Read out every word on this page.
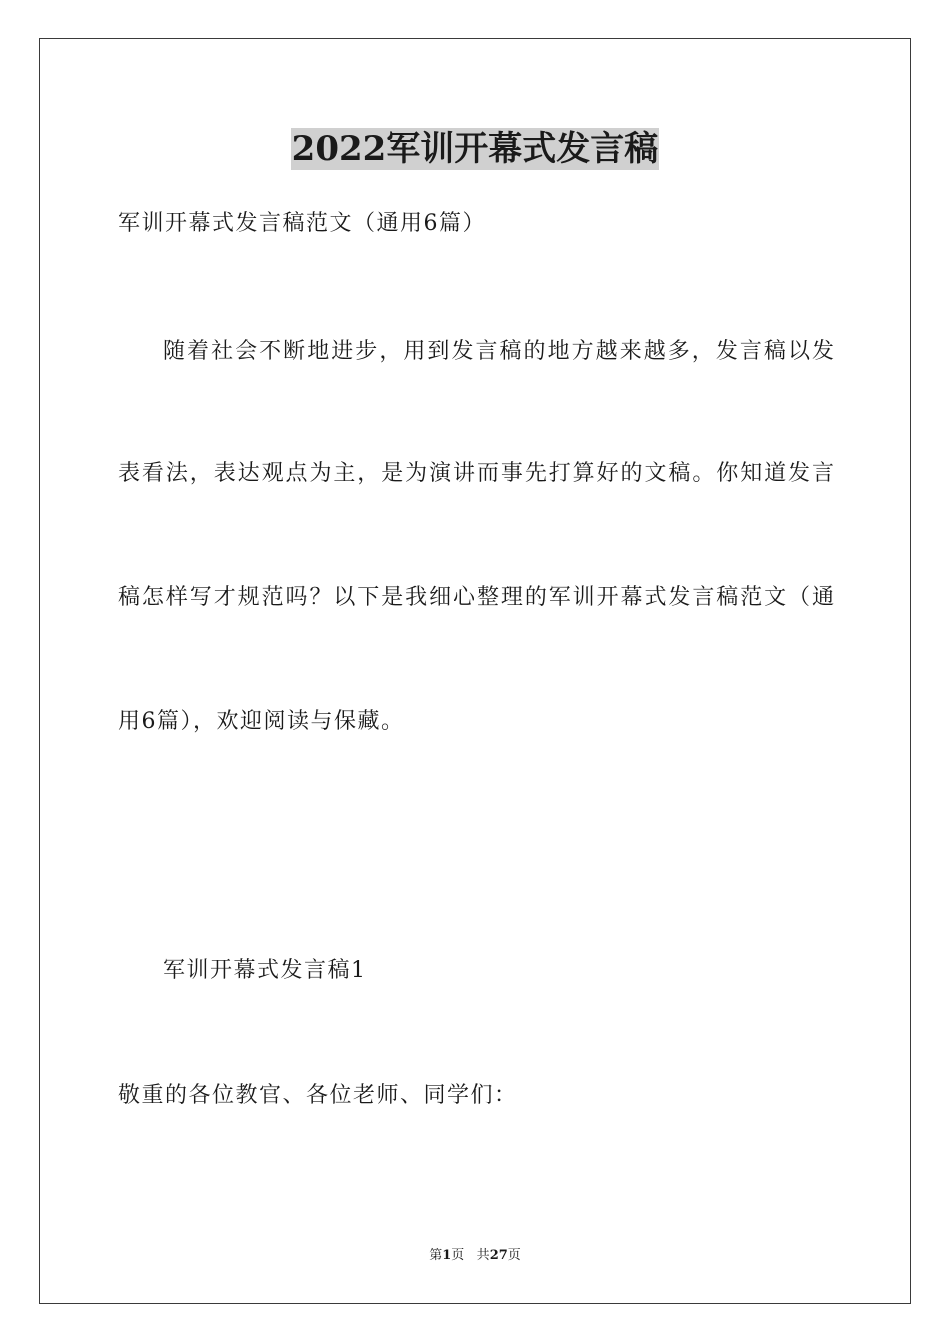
2022军训开幕式发言稿
军训开幕式发言稿范文（通用6篇）
随着社会不断地进步，用到发言稿的地方越来越多，发言稿以发
表看法，表达观点为主，是为演讲而事先打算好的文稿。你知道发言
稿怎样写才规范吗？以下是我细心整理的军训开幕式发言稿范文（通
用6篇），欢迎阅读与保藏。
军训开幕式发言稿1
敬重的各位教官、各位老师、同学们：
第1页 共27页
